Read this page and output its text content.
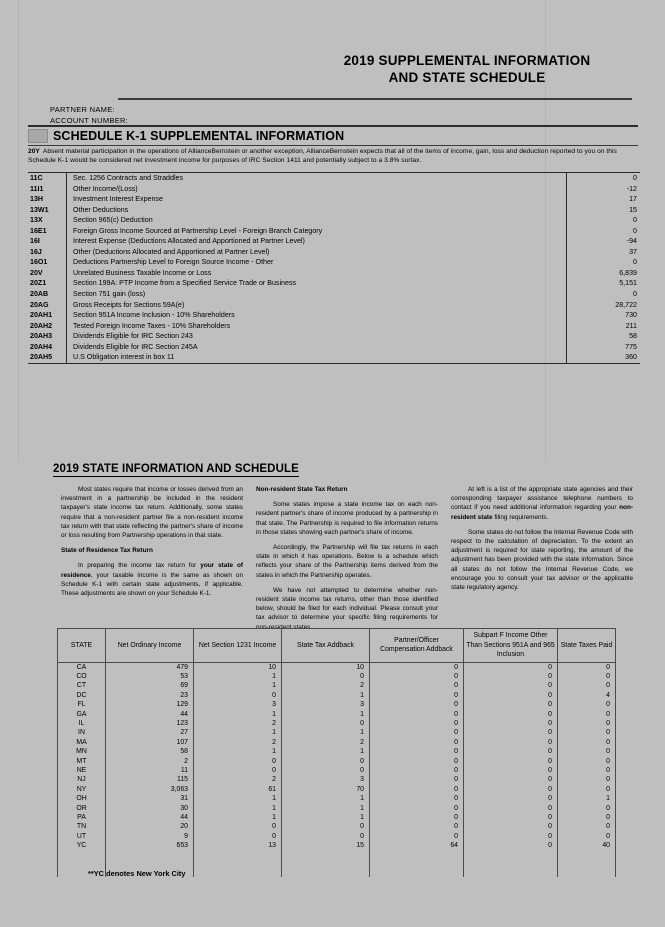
2019 SUPPLEMENTAL INFORMATION
AND STATE SCHEDULE
PARTNER NAME:
ACCOUNT NUMBER:
SCHEDULE K-1 SUPPLEMENTAL INFORMATION
20Y Absent material participation in the operations of AllianceBernstein or another exception, AllianceBernstein expects that all of the items of income, gain, loss and deduction reported to you on this Schedule K-1 would be considered net investment income for purposes of IRC Section 1411 and potentially subject to a 3.8% surtax.
11C	Sec. 1256 Contracts and Straddles	0
11I1	Other Income/(Loss)	-12
13H	Investment Interest Expense	17
13W1	Other Deductions	15
13X	Section 965(c) Deduction	0
16E1	Foreign Gross Income Sourced at Partnership Level - Foreign Branch Category	0
16I	Interest Expense (Deductions Allocated and Apportioned at Partner Level)	-94
16J	Other (Deductions Allocated and Apportioned at Partner Level)	37
16O1	Deductions Partnership Level to Foreign Source Income - Other	0
20V	Unrelated Business Taxable Income or Loss	6,839
20Z1	Section 199A: PTP Income from a Specified Service Trade or Business	5,151
20AB	Section 751 gain (loss)	0
20AG	Gross Receipts for Sections 59A(e)	28,722
20AH1	Section 951A Income Inclusion - 10% Shareholders	730
20AH2	Tested Foreign Income Taxes - 10% Shareholders	211
20AH3	Dividends Eligible for IRC Section 243	58
20AH4	Dividends Eligible for IRC Section 245A	775
20AH5	U.S Obligation interest in box 11	360
2019 STATE INFORMATION AND SCHEDULE

Most states require that income or losses derived from an investment in a partnership be included in the resident taxpayer's state income tax return. Additionally, some states require that a non-resident partner file a non-resident income tax return with that state reflecting the partner's share of income or loss resulting from Partnership operations in that state.

State of Residence Tax Return

In preparing the income tax return for your state of residence, your taxable income is the same as shown on Schedule K-1 with certain state adjustments, if applicable. These adjustments are shown on your Schedule K-1.

Non-resident State Tax Return

Some states impose a state income tax on each non-resident partner's share of income produced by a partnership in that state. The Partnership is required to file information returns in those states showing each partner's share of income.

Accordingly, the Partnership will file tax returns in each state in which it has operations. Below is a schedule which reflects your share of the Partnership items derived from the states in which the Partnership operates.

We have not attempted to determine whether non-resident state income tax returns, other than those identified below, should be filed for each individual. Please consult your tax advisor to determine your specific filing requirements for non-resident states.

At left is a list of the appropriate state agencies and their corresponding taxpayer assistance telephone numbers to contact if you need additional information regarding your non-resident state filing requirements.

Some states do not follow the Internal Revenue Code with respect to the calculation of depreciation. To the extent an adjustment is required for state reporting, the amount of the adjustment has been provided with the state information. Since all states do not follow the Internal Revenue Code, we encourage you to consult your tax advisor or the applicable state regulatory agency.

STATE	Net Ordinary Income	Net Section 1231 Income	State Tax Addback	Partner/Officer Compensation Addback	Subpart F Income Other Than Sections 951A and 965 Inclusion	State Taxes Paid
CA	479	10	10	0	0	0
CO	53	1	0	0	0	0
CT	69	1	2	0	0	0
DC	23	0	1	0	0	4
FL	129	3	3	0	0	0
GA	44	1	1	0	0	0
IL	123	2	0	0	0	0
IN	27	1	1	0	0	0
MA	107	2	2	0	0	0
MN	58	1	1	0	0	0
MT	2	0	0	0	0	0
NE	11	0	0	0	0	0
NJ	115	2	3	0	0	0
NY	3,063	61	70	0	0	0
OH	31	1	1	0	0	1
OR	30	1	1	0	0	0
PA	44	1	1	0	0	0
TN	20	0	0	0	0	0
UT	9	0	0	0	0	0
YC	653	13	15	64	0	40
**YC denotes New York City
